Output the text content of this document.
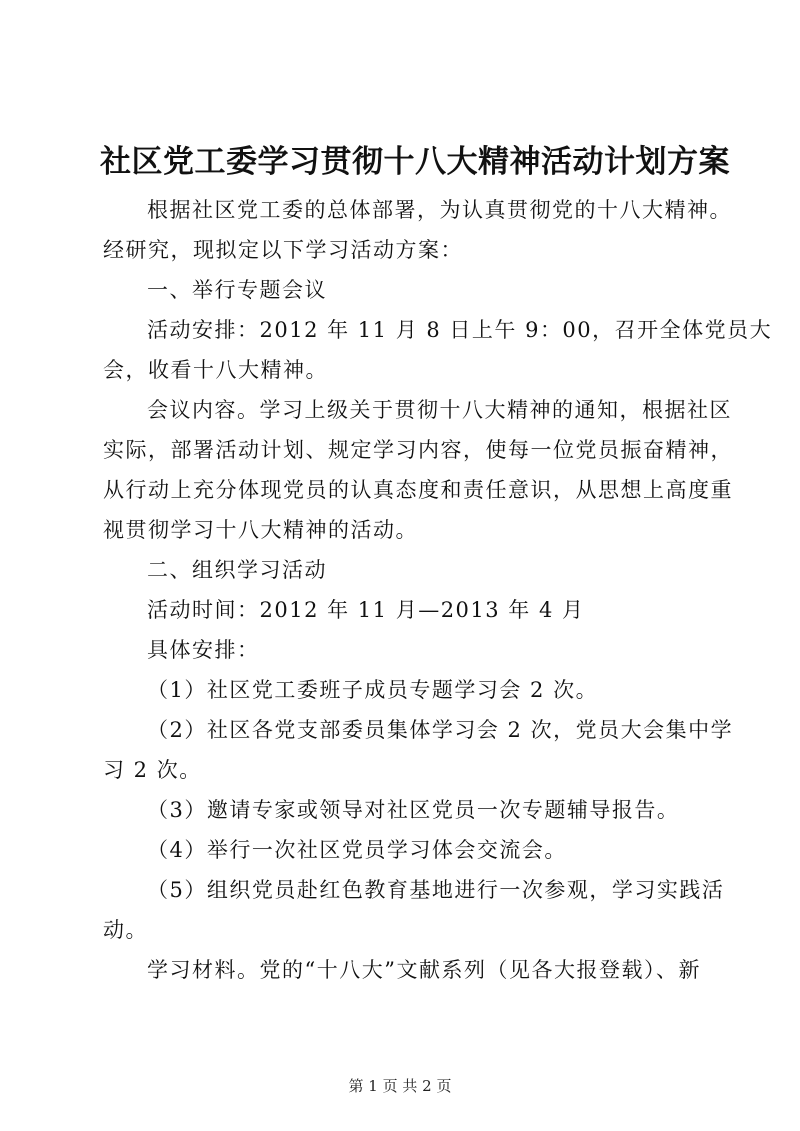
社区党工委学习贯彻十八大精神活动计划方案

根据社区党工委的总体部署，为认真贯彻党的十八大精神。

经研究，现拟定以下学习活动方案：

一、举行专题会议

活动安排：2012 年 11 月 8 日上午 9：00，召开全体党员大

会，收看十八大精神。

会议内容。学习上级关于贯彻十八大精神的通知，根据社区

实际，部署活动计划、规定学习内容，使每一位党员振奋精神，

从行动上充分体现党员的认真态度和责任意识，从思想上高度重

视贯彻学习十八大精神的活动。

二、组织学习活动

活动时间：2012 年 11 月—2013 年 4 月

具体安排：

（1）社区党工委班子成员专题学习会 2 次。

（2）社区各党支部委员集体学习会 2 次，党员大会集中学

习 2 次。

（3）邀请专家或领导对社区党员一次专题辅导报告。

（4）举行一次社区党员学习体会交流会。

（5）组织党员赴红色教育基地进行一次参观，学习实践活

动。

学习材料。党的“十八大”文献系列（见各大报登载）、新

第 1 页 共 2 页
